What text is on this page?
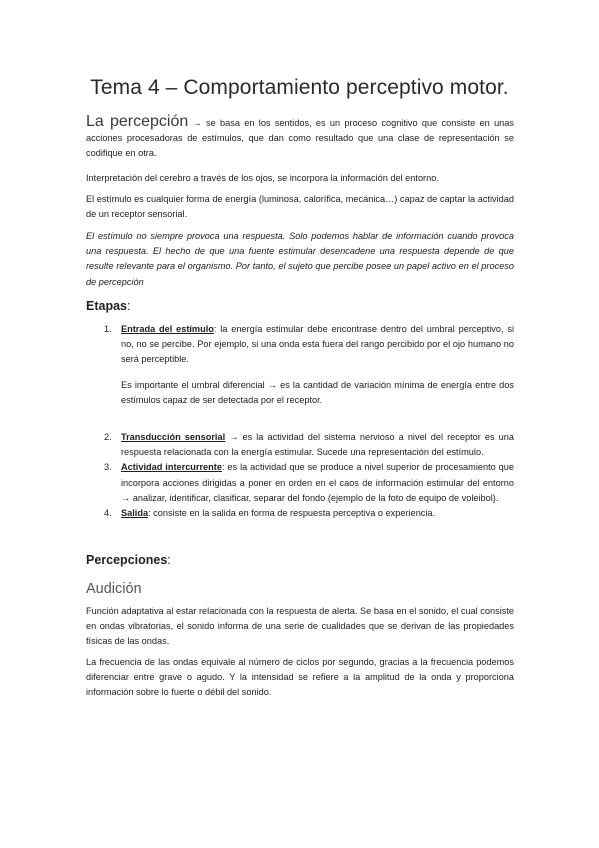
Tema 4 – Comportamiento perceptivo motor.
La percepción → se basa en los sentidos, es un proceso cognitivo que consiste en unas acciones procesadoras de estímulos, que dan como resultado que una clase de representación se codifique en otra.
Interpretación del cerebro a través de los ojos, se incorpora la información del entorno.
El estímulo es cualquier forma de energía (luminosa, calorífica, mecánica…) capaz de captar la actividad de un receptor sensorial.
El estímulo no siempre provoca una respuesta. Solo podemos hablar de información cuando provoca una respuesta. El hecho de que una fuente estimular desencadene una respuesta depende de que resulte relevante para el organismo. Por tanto, el sujeto que percibe posee un papel activo en el proceso de percepción
Etapas:
1. Entrada del estímulo: la energía estimular debe encontrase dentro del umbral perceptivo, si no, no se percibe. Por ejemplo, si una onda esta fuera del rango percibido por el ojo humano no será perceptible.
Es importante el umbral diferencial → es la cantidad de variación mínima de energía entre dos estímulos capaz de ser detectada por el receptor.
2. Transducción sensorial → es la actividad del sistema nervioso a nivel del receptor es una respuesta relacionada con la energía estimular. Sucede una representación del estímulo.
3. Actividad intercurrente: es la actividad que se produce a nivel superior de procesamiento que incorpora acciones dirigidas a poner en orden en el caos de información estimular del entorno → analizar, identificar, clasificar, separar del fondo (ejemplo de la foto de equipo de voleibol).
4. Salida: consiste en la salida en forma de respuesta perceptiva o experiencia.
Percepciones:
Audición
Función adaptativa al estar relacionada con la respuesta de alerta. Se basa en el sonido, el cual consiste en ondas vibratorias, el sonido informa de una serie de cualidades que se derivan de las propiedades físicas de las ondas.
La frecuencia de las ondas equivale al número de ciclos por segundo, gracias a la frecuencia podemos diferenciar entre grave o agudo. Y la intensidad se refiere a la amplitud de la onda y proporciona información sobre lo fuerte o débil del sonido.
